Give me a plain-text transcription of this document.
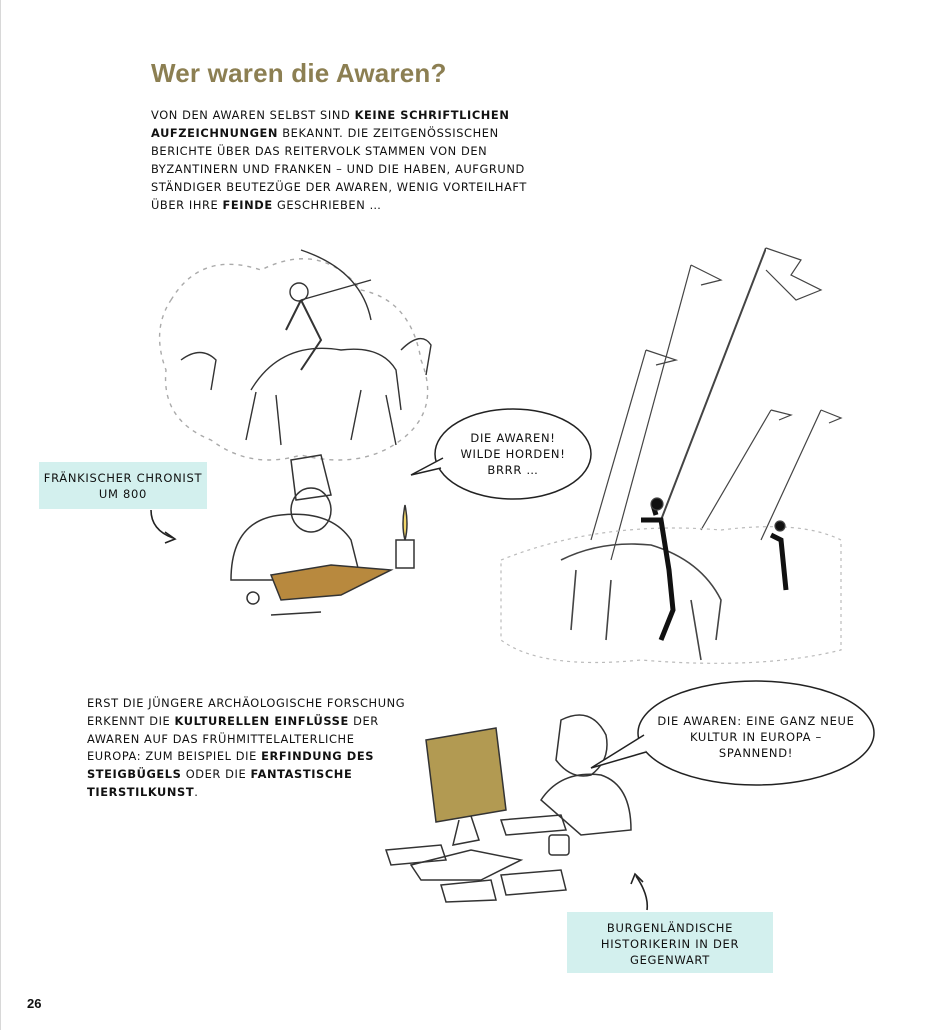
Wer waren die Awaren?
VON DEN AWAREN SELBST SIND KEINE SCHRIFTLICHEN AUFZEICHNUNGEN BEKANNT. DIE ZEITGENÖSSISCHEN BERICHTE ÜBER DAS REITERVOLK STAMMEN VON DEN BYZANTINERN UND FRANKEN – UND DIE HABEN, AUFGRUND STÄNDIGER BEUTEZÜGE DER AWAREN, WENIG VORTEILHAFT ÜBER IHRE FEINDE GESCHRIEBEN …
FRÄNKISCHER CHRONIST UM 800
DIE AWAREN! WILDE HORDEN! BRRR …
ERST DIE JÜNGERE ARCHÄOLOGISCHE FORSCHUNG ERKENNT DIE KULTURELLEN EINFLÜSSE DER AWAREN AUF DAS FRÜHMITTELALTERLICHE EUROPA: ZUM BEISPIEL DIE ERFINDUNG DES STEIGBÜGELS ODER DIE FANTASTISCHE TIERSTILKUNST.
DIE AWAREN: EINE GANZ NEUE KULTUR IN EUROPA – SPANNEND!
BURGENLÄNDISCHE HISTORIKERIN IN DER GEGENWART
26
